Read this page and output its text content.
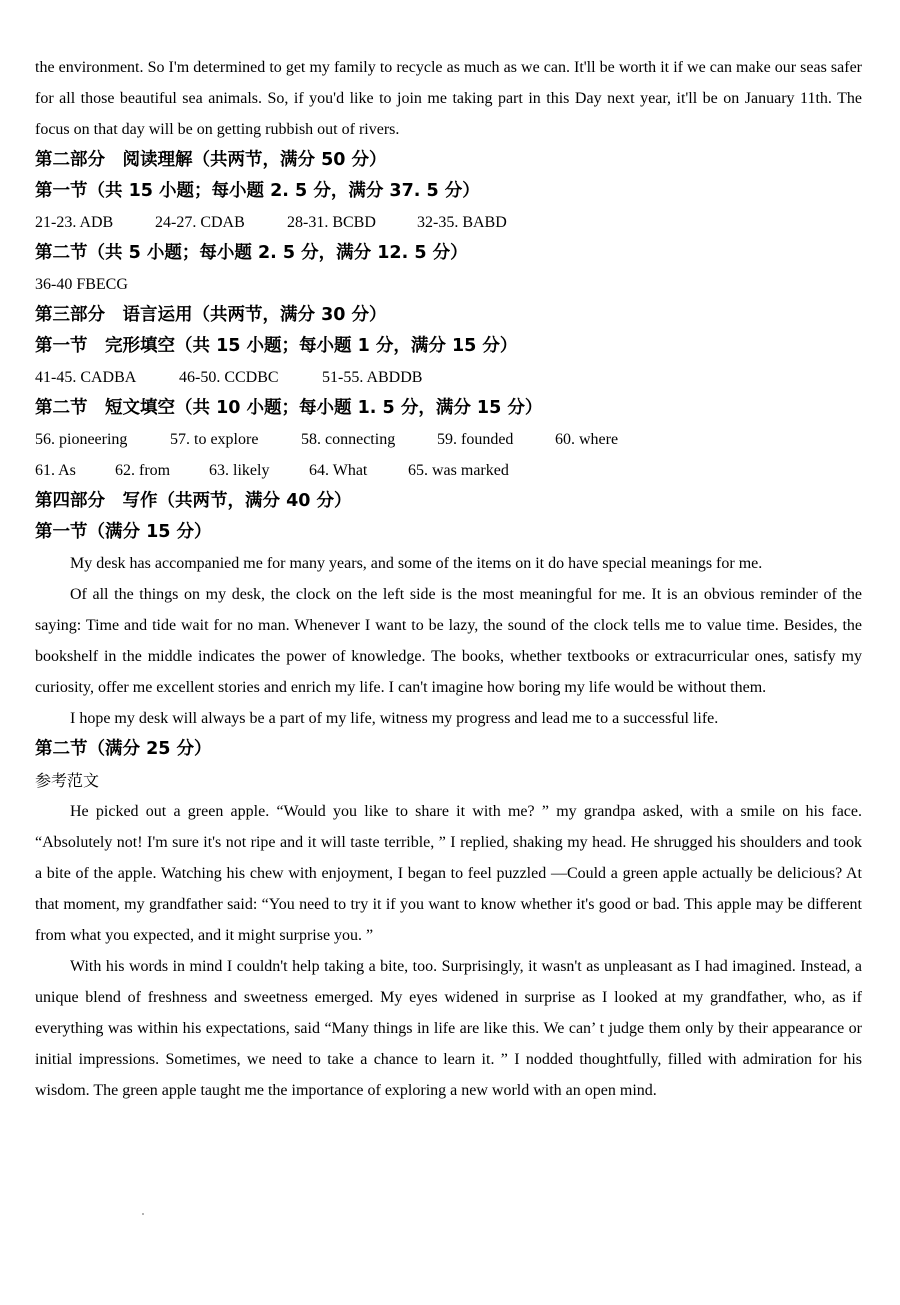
the environment. So I'm determined to get my family to recycle as much as we can. It'll be worth it if we can make our seas safer for all those beautiful sea animals. So, if you'd like to join me taking part in this Day next year, it'll be on January 11th. The focus on that day will be on getting rubbish out of rivers.

第二部分　阅读理解（共两节，满分 50 分）

第一节（共 15 小题；每小题 2. 5 分，满分 37. 5 分）

21-23. ADB	24-27. CDAB	28-31. BCBD	32-35. BABD

第二节（共 5 小题；每小题 2. 5 分，满分 12. 5 分）

36-40 FBECG

第三部分　语言运用（共两节，满分 30 分）

第一节　完形填空（共 15 小题；每小题 1 分，满分 15 分）

41-45. CADBA	46-50. CCDBC	51-55. ABDDB

第二节　短文填空（共 10 小题；每小题 1. 5 分，满分 15 分）

56. pioneering	57. to explore	58. connecting	59. founded	60. where

61. As 62. from 63. likely 64. What	65. was marked

第四部分　写作（共两节，满分 40 分）

第一节（满分 15 分）

My desk has accompanied me for many years, and some of the items on it do have special meanings for me.

Of all the things on my desk, the clock on the left side is the most meaningful for me. It is an obvious reminder of the saying: Time and tide wait for no man. Whenever I want to be lazy, the sound of the clock tells me to value time. Besides, the bookshelf in the middle indicates the power of knowledge. The books, whether textbooks or extracurricular ones, satisfy my curiosity, offer me excellent stories and enrich my life. I can't imagine how boring my life would be without them.

I hope my desk will always be a part of my life, witness my progress and lead me to a successful life.

第二节（满分 25 分）

参考范文

He picked out a green apple. “Would you like to share it with me? ” my grandpa asked, with a smile on his face. “Absolutely not! I'm sure it's not ripe and it will taste terrible, ” I replied, shaking my head. He shrugged his shoulders and took a bite of the apple. Watching his chew with enjoyment, I began to feel puzzled —Could a green apple actually be delicious? At that moment, my grandfather said: “You need to try it if you want to know whether it's good or bad. This apple may be different from what you expected, and it might surprise you. ”

With his words in mind I couldn't help taking a bite, too. Surprisingly, it wasn't as unpleasant as I had imagined. Instead, a unique blend of freshness and sweetness emerged. My eyes widened in surprise as I looked at my grandfather, who, as if everything was within his expectations, said “Many things in life are like this. We can’ t judge them only by their appearance or initial impressions. Sometimes, we need to take a chance to learn it. ” I nodded thoughtfully, filled with admiration for his wisdom. The green apple taught me the importance of exploring a new world with an open mind.
